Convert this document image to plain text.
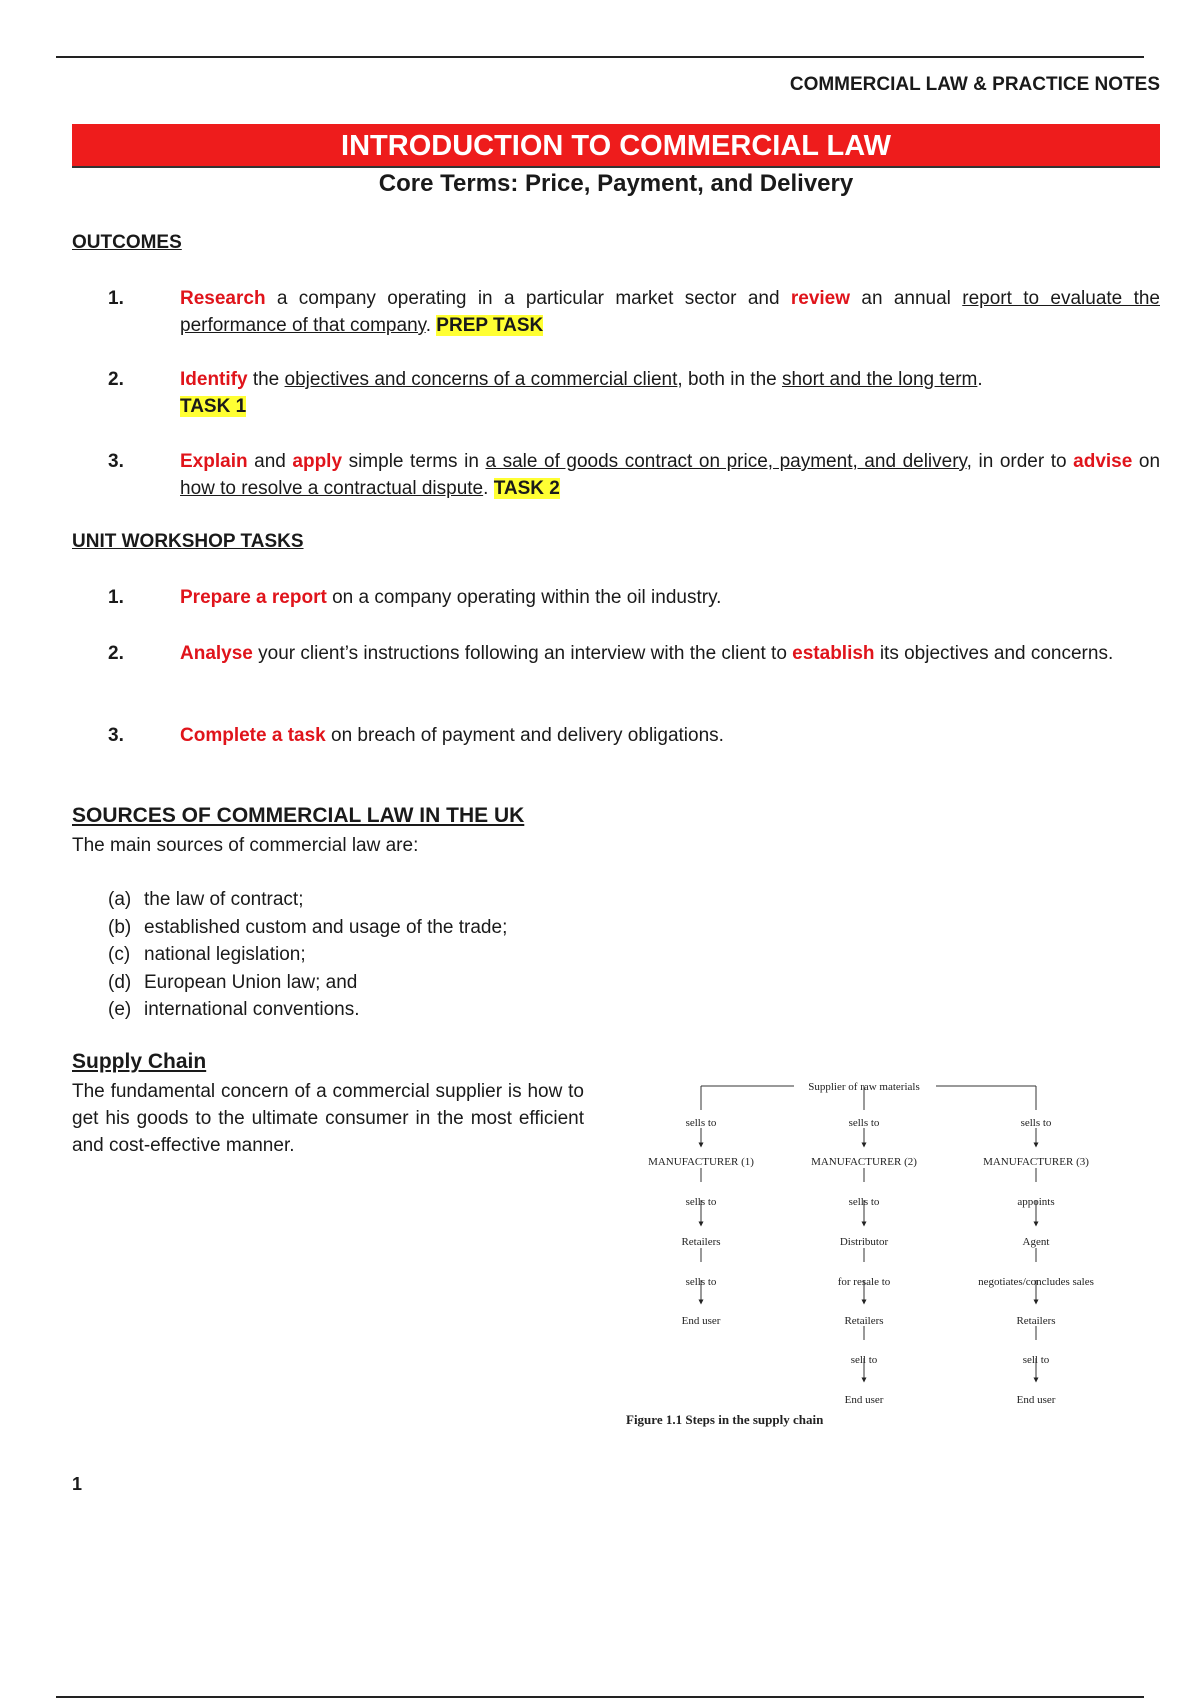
COMMERCIAL LAW & PRACTICE NOTES
INTRODUCTION TO COMMERCIAL LAW
Core Terms: Price, Payment, and Delivery
OUTCOMES
1.	Research a company operating in a particular market sector and review an annual report to evaluate the performance of that company. PREP TASK
2.	Identify the objectives and concerns of a commercial client, both in the short and the long term.
TASK 1
3.	Explain and apply simple terms in a sale of goods contract on price, payment, and delivery, in order to advise on how to resolve a contractual dispute. TASK 2
UNIT WORKSHOP TASKS
1.	Prepare a report on a company operating within the oil industry.
2.	Analyse your client’s instructions following an interview with the client to establish its objectives and concerns.
3.	Complete a task on breach of payment and delivery obligations.
SOURCES OF COMMERCIAL LAW IN THE UK
The main sources of commercial law are:
(a) the law of contract;
(b) established custom and usage of the trade;
(c) national legislation;
(d) European Union law; and
(e) international conventions.
Supply Chain
The fundamental concern of a commercial supplier is how to get his goods to the ultimate consumer in the most efficient and cost-effective manner.
Supplier of raw materials
sells to
MANUFACTURER (1)
sells to
Retailers
sells to
End user
sells to
MANUFACTURER (2)
sells to
Distributor
for resale to
Retailers
sell to
End user
sells to
MANUFACTURER (3)
appoints
Agent
negotiates/concludes sales
Retailers
sell to
End user
Figure 1.1 Steps in the supply chain
1
